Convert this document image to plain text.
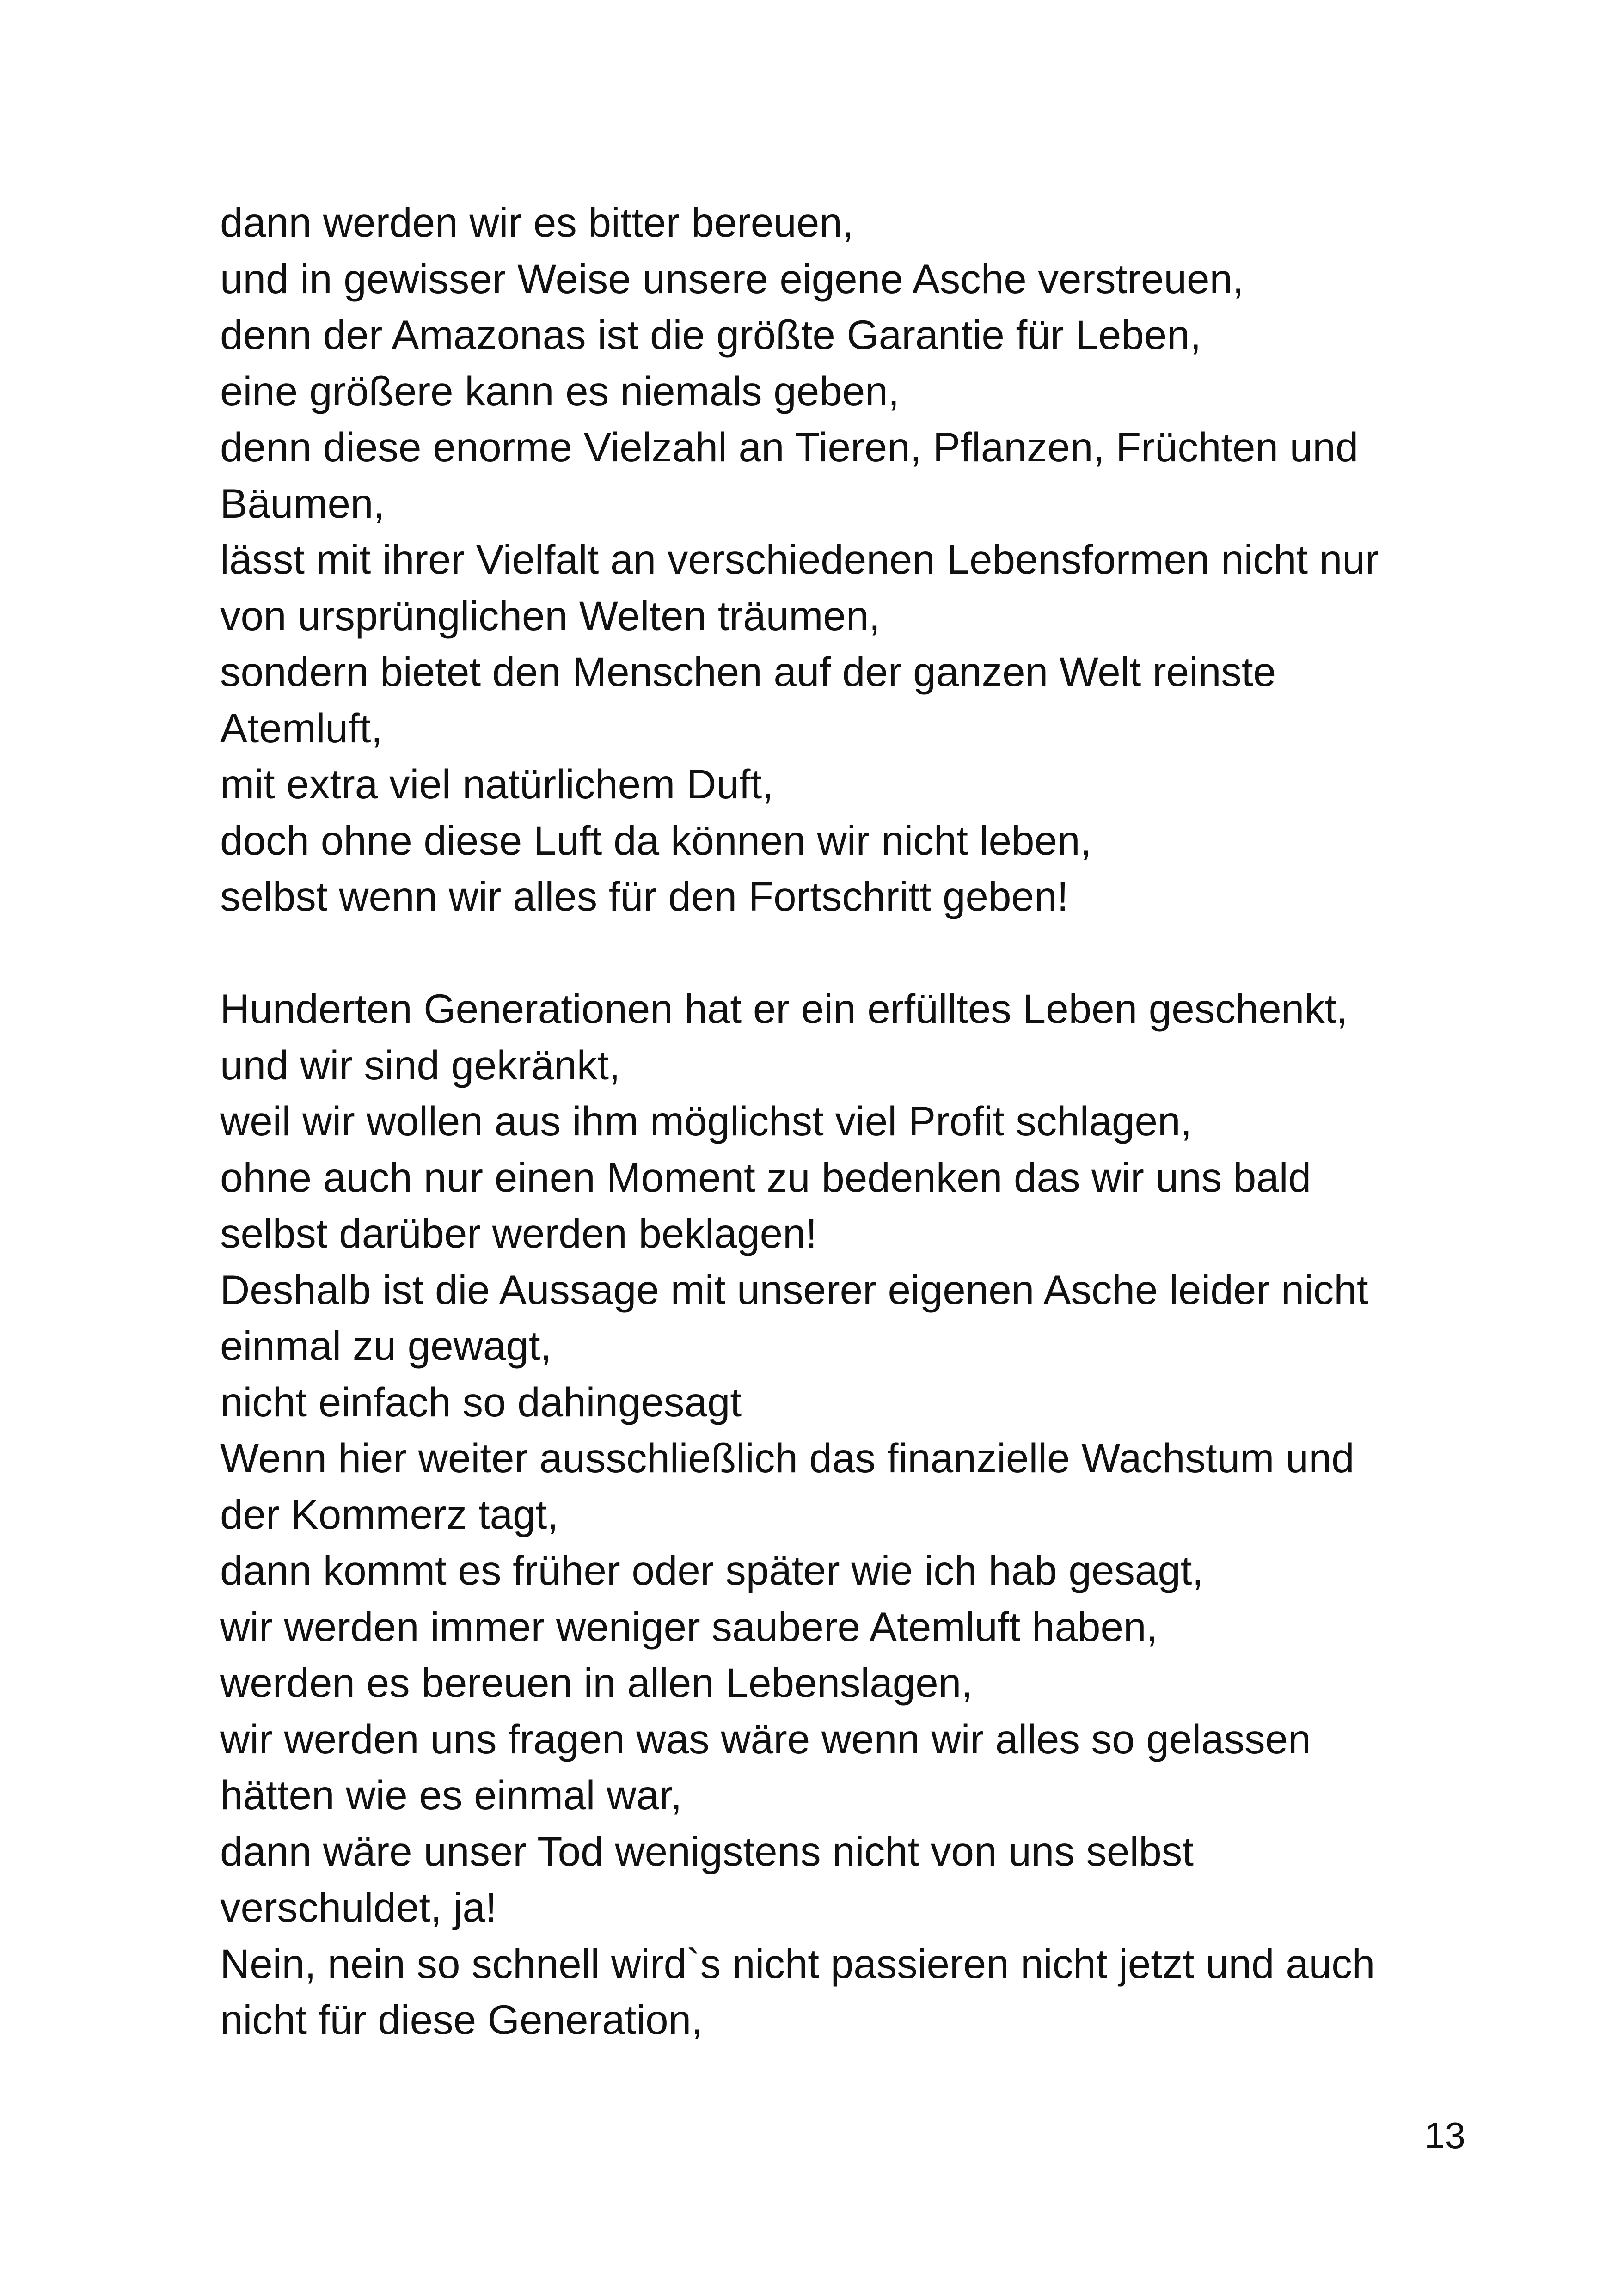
dann werden wir es bitter bereuen,
und in gewisser Weise unsere eigene Asche verstreuen,
denn der Amazonas ist die größte Garantie für Leben,
eine größere kann es niemals geben,
denn diese enorme Vielzahl an Tieren, Pflanzen, Früchten und
Bäumen,
lässt mit ihrer Vielfalt an verschiedenen Lebensformen nicht nur
von ursprünglichen Welten träumen,
sondern bietet den Menschen auf der ganzen Welt reinste
Atemluft,
mit extra viel natürlichem Duft,
doch ohne diese Luft da können wir nicht leben,
selbst wenn wir alles für den Fortschritt geben!
Hunderten Generationen hat er ein erfülltes Leben geschenkt,
und wir sind gekränkt,
weil wir wollen aus ihm möglichst viel Profit schlagen,
ohne auch nur einen Moment zu bedenken das wir uns bald
selbst darüber werden beklagen!
Deshalb ist die Aussage mit unserer eigenen Asche leider nicht
einmal zu gewagt,
nicht einfach so dahingesagt
Wenn hier weiter ausschließlich das finanzielle Wachstum und
der Kommerz tagt,
dann kommt es früher oder später wie ich hab gesagt,
wir werden immer weniger saubere Atemluft haben,
werden es bereuen in allen Lebenslagen,
wir werden uns fragen was wäre wenn wir alles so gelassen
hätten wie es einmal war,
dann wäre unser Tod wenigstens nicht von uns selbst
verschuldet, ja!
Nein, nein so schnell wird`s nicht passieren nicht jetzt und auch
nicht für diese Generation,
13
